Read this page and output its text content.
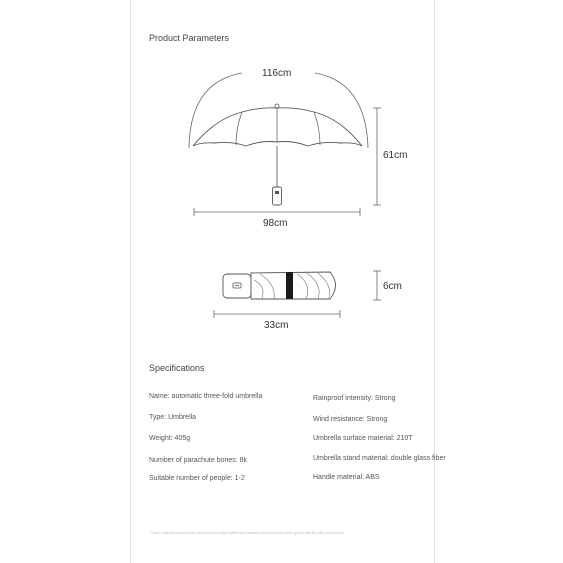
Product Parameters
116cm
61cm
98cm
6cm
33cm
Specifications
Name: automatic three-fold umbrella
Type: Umbrella
Weight: 405g
Number of parachute bones: 8k
Suitable number of people: 1-2
Rainproof intensity: Strong
Wind resistance: Strong
Umbrella surface material: 210T
Umbrella stand material: double glass fiber
Handle material: ABS
* Due to manual measurement, there may be slight differences between the actual size of the goods and the data size provide.
